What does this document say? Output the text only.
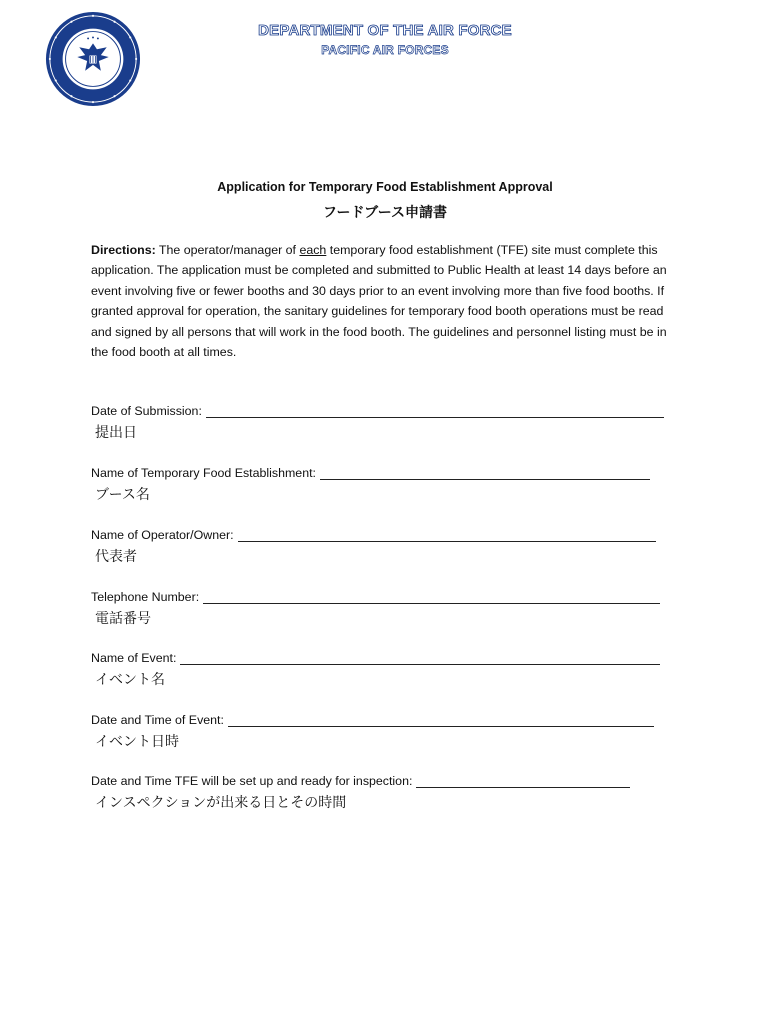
DEPARTMENT OF THE AIR FORCE
PACIFIC AIR FORCES
Application for Temporary Food Establishment Approval
フードブース申請書
Directions: The operator/manager of each temporary food establishment (TFE) site must complete this application. The application must be completed and submitted to Public Health at least 14 days before an event involving five or fewer booths and 30 days prior to an event involving more than five food booths. If granted approval for operation, the sanitary guidelines for temporary food booth operations must be read and signed by all persons that will work in the food booth. The guidelines and personnel listing must be in the food booth at all times.
Date of Submission:
提出日
Name of Temporary Food Establishment:
ブース名
Name of Operator/Owner:
代表者
Telephone Number:
電話番号
Name of Event:
イベント名
Date and Time of Event:
イベント日時
Date and Time TFE will be set up and ready for inspection:
インスペクションが出来る日とその時間
